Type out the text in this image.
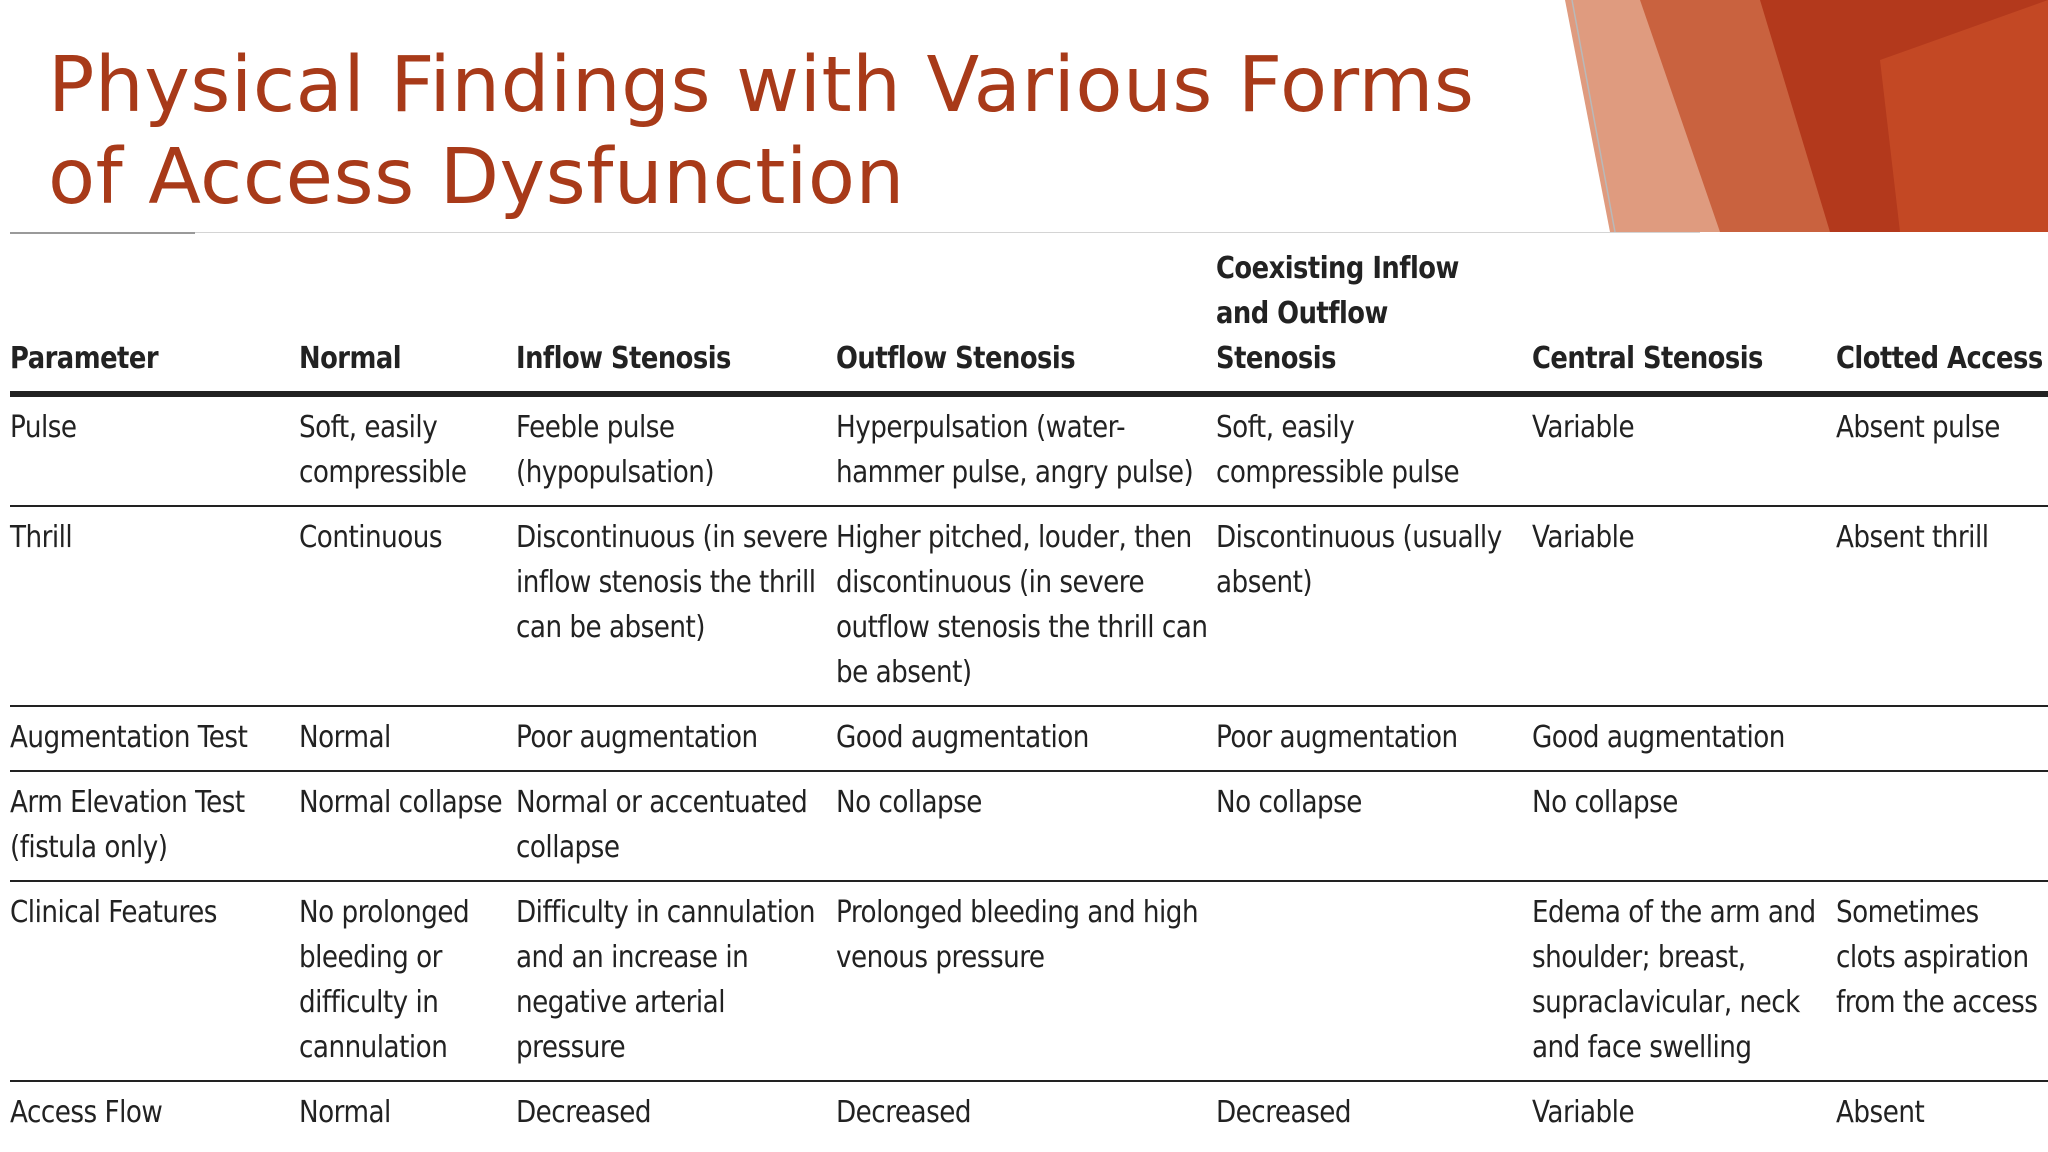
Physical Findings with Various Forms of Access Dysfunction
Parameter	Normal	Inflow Stenosis	Outflow Stenosis	Coexisting Inflow and Outflow Stenosis	Central Stenosis	Clotted Access

Pulse	Soft, easily compressible	Feeble pulse (hypopulsation)	Hyperpulsation (water-hammer pulse, angry pulse)	Soft, easily compressible pulse	Variable	Absent pulse

Thrill	Continuous	Discontinuous (in severe inflow stenosis the thrill can be absent)	Higher pitched, louder, then discontinuous (in severe outflow stenosis the thrill can be absent)	Discontinuous (usually absent)	Variable	Absent thrill

Augmentation Test	Normal	Poor augmentation	Good augmentation	Poor augmentation	Good augmentation	

Arm Elevation Test (fistula only)	Normal collapse	Normal or accentuated collapse	No collapse	No collapse	No collapse	

Clinical Features	No prolonged bleeding or difficulty in cannulation	Difficulty in cannulation and an increase in negative arterial pressure	Prolonged bleeding and high venous pressure		Edema of the arm and shoulder; breast, supraclavicular, neck and face swelling	Sometimes clots aspiration from the access

Access Flow	Normal	Decreased	Decreased	Decreased	Variable	Absent
